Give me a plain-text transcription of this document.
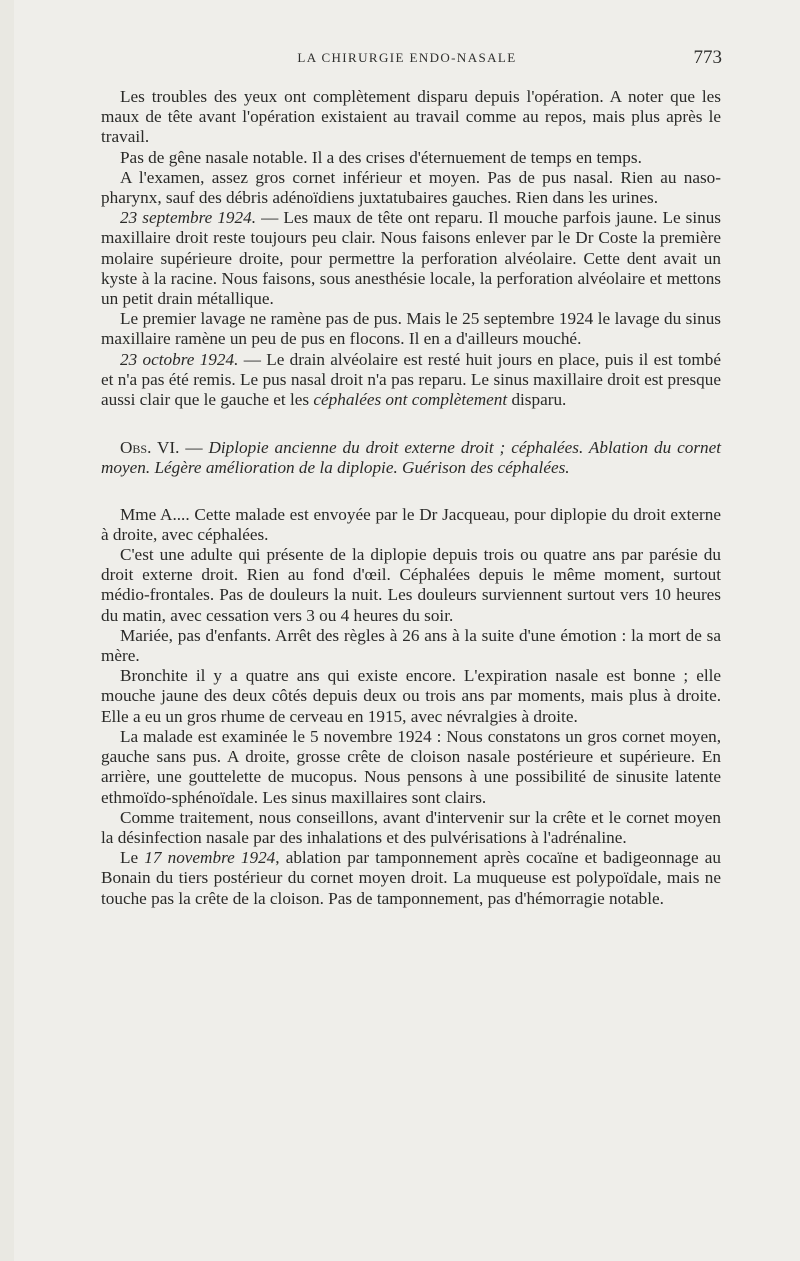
LA CHIRURGIE ENDO-NASALE	773

Les troubles des yeux ont complètement disparu depuis l'opération. A noter que les maux de tête avant l'opération existaient au travail comme au repos, mais plus après le travail.

Pas de gêne nasale notable. Il a des crises d'éternuement de temps en temps.

A l'examen, assez gros cornet inférieur et moyen. Pas de pus nasal. Rien au naso-pharynx, sauf des débris adénoïdiens juxtatubaires gauches. Rien dans les urines.

23 septembre 1924. — Les maux de tête ont reparu. Il mouche parfois jaune. Le sinus maxillaire droit reste toujours peu clair. Nous faisons enlever par le Dr Coste la première molaire supérieure droite, pour permettre la perforation alvéolaire. Cette dent avait un kyste à la racine. Nous faisons, sous anesthésie locale, la perforation alvéolaire et mettons un petit drain métallique.

Le premier lavage ne ramène pas de pus. Mais le 25 septembre 1924 le lavage du sinus maxillaire ramène un peu de pus en flocons. Il en a d'ailleurs mouché.

23 octobre 1924. — Le drain alvéolaire est resté huit jours en place, puis il est tombé et n'a pas été remis. Le pus nasal droit n'a pas reparu. Le sinus maxillaire droit est presque aussi clair que le gauche et les céphalées ont complètement disparu.

Obs. VI. — Diplopie ancienne du droit externe droit ; céphalées. Ablation du cornet moyen. Légère amélioration de la diplopie. Guérison des céphalées.

Mme A.... Cette malade est envoyée par le Dr Jacqueau, pour diplopie du droit externe à droite, avec céphalées.

C'est une adulte qui présente de la diplopie depuis trois ou quatre ans par parésie du droit externe droit. Rien au fond d'œil. Céphalées depuis le même moment, surtout médio-frontales. Pas de douleurs la nuit. Les douleurs surviennent surtout vers 10 heures du matin, avec cessation vers 3 ou 4 heures du soir.

Mariée, pas d'enfants. Arrêt des règles à 26 ans à la suite d'une émotion : la mort de sa mère.

Bronchite il y a quatre ans qui existe encore. L'expiration nasale est bonne ; elle mouche jaune des deux côtés depuis deux ou trois ans par moments, mais plus à droite. Elle a eu un gros rhume de cerveau en 1915, avec névralgies à droite.

La malade est examinée le 5 novembre 1924 : Nous constatons un gros cornet moyen, gauche sans pus. A droite, grosse crête de cloison nasale postérieure et supérieure. En arrière, une gouttelette de mucopus. Nous pensons à une possibilité de sinusite latente ethmoïdo-sphénoïdale. Les sinus maxillaires sont clairs.

Comme traitement, nous conseillons, avant d'intervenir sur la crête et le cornet moyen la désinfection nasale par des inhalations et des pulvérisations à l'adrénaline.

Le 17 novembre 1924, ablation par tamponnement après cocaïne et badigeonnage au Bonain du tiers postérieur du cornet moyen droit. La muqueuse est polypoïdale, mais ne touche pas la crête de la cloison. Pas de tamponnement, pas d'hémorragie notable.
